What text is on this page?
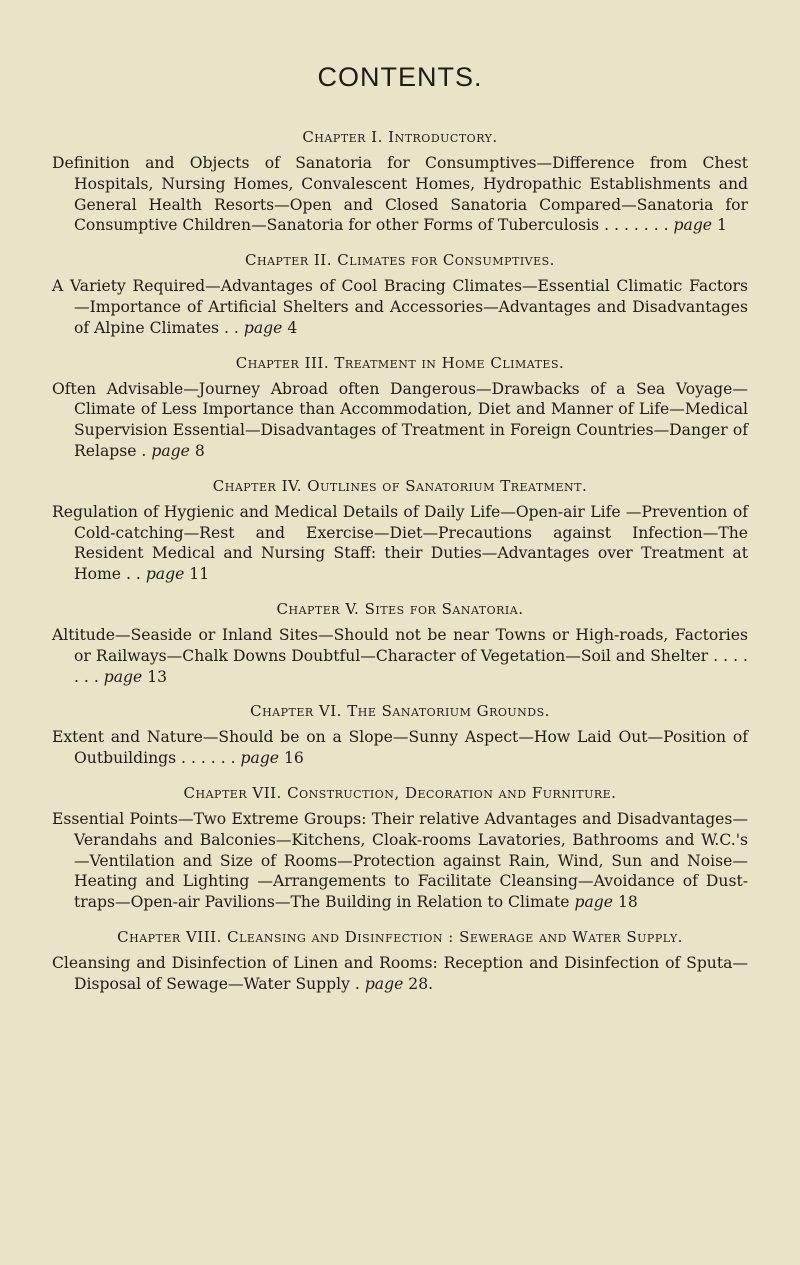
CONTENTS.
Chapter I. Introductory.
Definition and Objects of Sanatoria for Consumptives—Difference from Chest Hospitals, Nursing Homes, Convalescent Homes, Hydropathic Establishments and General Health Resorts—Open and Closed Sanatoria Compared—Sanatoria for Consumptive Children—Sanatoria for other Forms of Tuberculosis . . . . . . . page 1
Chapter II. Climates for Consumptives.
A Variety Required—Advantages of Cool Bracing Climates—Essential Climatic Factors—Importance of Artificial Shelters and Accessories—Advantages and Disadvantages of Alpine Climates . . page 4
Chapter III. Treatment in Home Climates.
Often Advisable—Journey Abroad often Dangerous—Drawbacks of a Sea Voyage—Climate of Less Importance than Accommodation, Diet and Manner of Life—Medical Supervision Essential—Disadvantages of Treatment in Foreign Countries—Danger of Relapse . page 8
Chapter IV. Outlines of Sanatorium Treatment.
Regulation of Hygienic and Medical Details of Daily Life—Open-air Life —Prevention of Cold-catching—Rest and Exercise—Diet—Precautions against Infection—The Resident Medical and Nursing Staff: their Duties—Advantages over Treatment at Home . . page 11
Chapter V. Sites for Sanatoria.
Altitude—Seaside or Inland Sites—Should not be near Towns or High-roads, Factories or Railways—Chalk Downs Doubtful—Character of Vegetation—Soil and Shelter . . . . . . . page 13
Chapter VI. The Sanatorium Grounds.
Extent and Nature—Should be on a Slope—Sunny Aspect—How Laid Out—Position of Outbuildings . . . . . . page 16
Chapter VII. Construction, Decoration and Furniture.
Essential Points—Two Extreme Groups: Their relative Advantages and Disadvantages—Verandahs and Balconies—Kitchens, Cloak-rooms Lavatories, Bathrooms and W.C.'s—Ventilation and Size of Rooms—Protection against Rain, Wind, Sun and Noise—Heating and Lighting —Arrangements to Facilitate Cleansing—Avoidance of Dust-traps—Open-air Pavilions—The Building in Relation to Climate page 18
Chapter VIII. Cleansing and Disinfection : Sewerage and Water Supply.
Cleansing and Disinfection of Linen and Rooms: Reception and Disinfection of Sputa—Disposal of Sewage—Water Supply . page 28.
